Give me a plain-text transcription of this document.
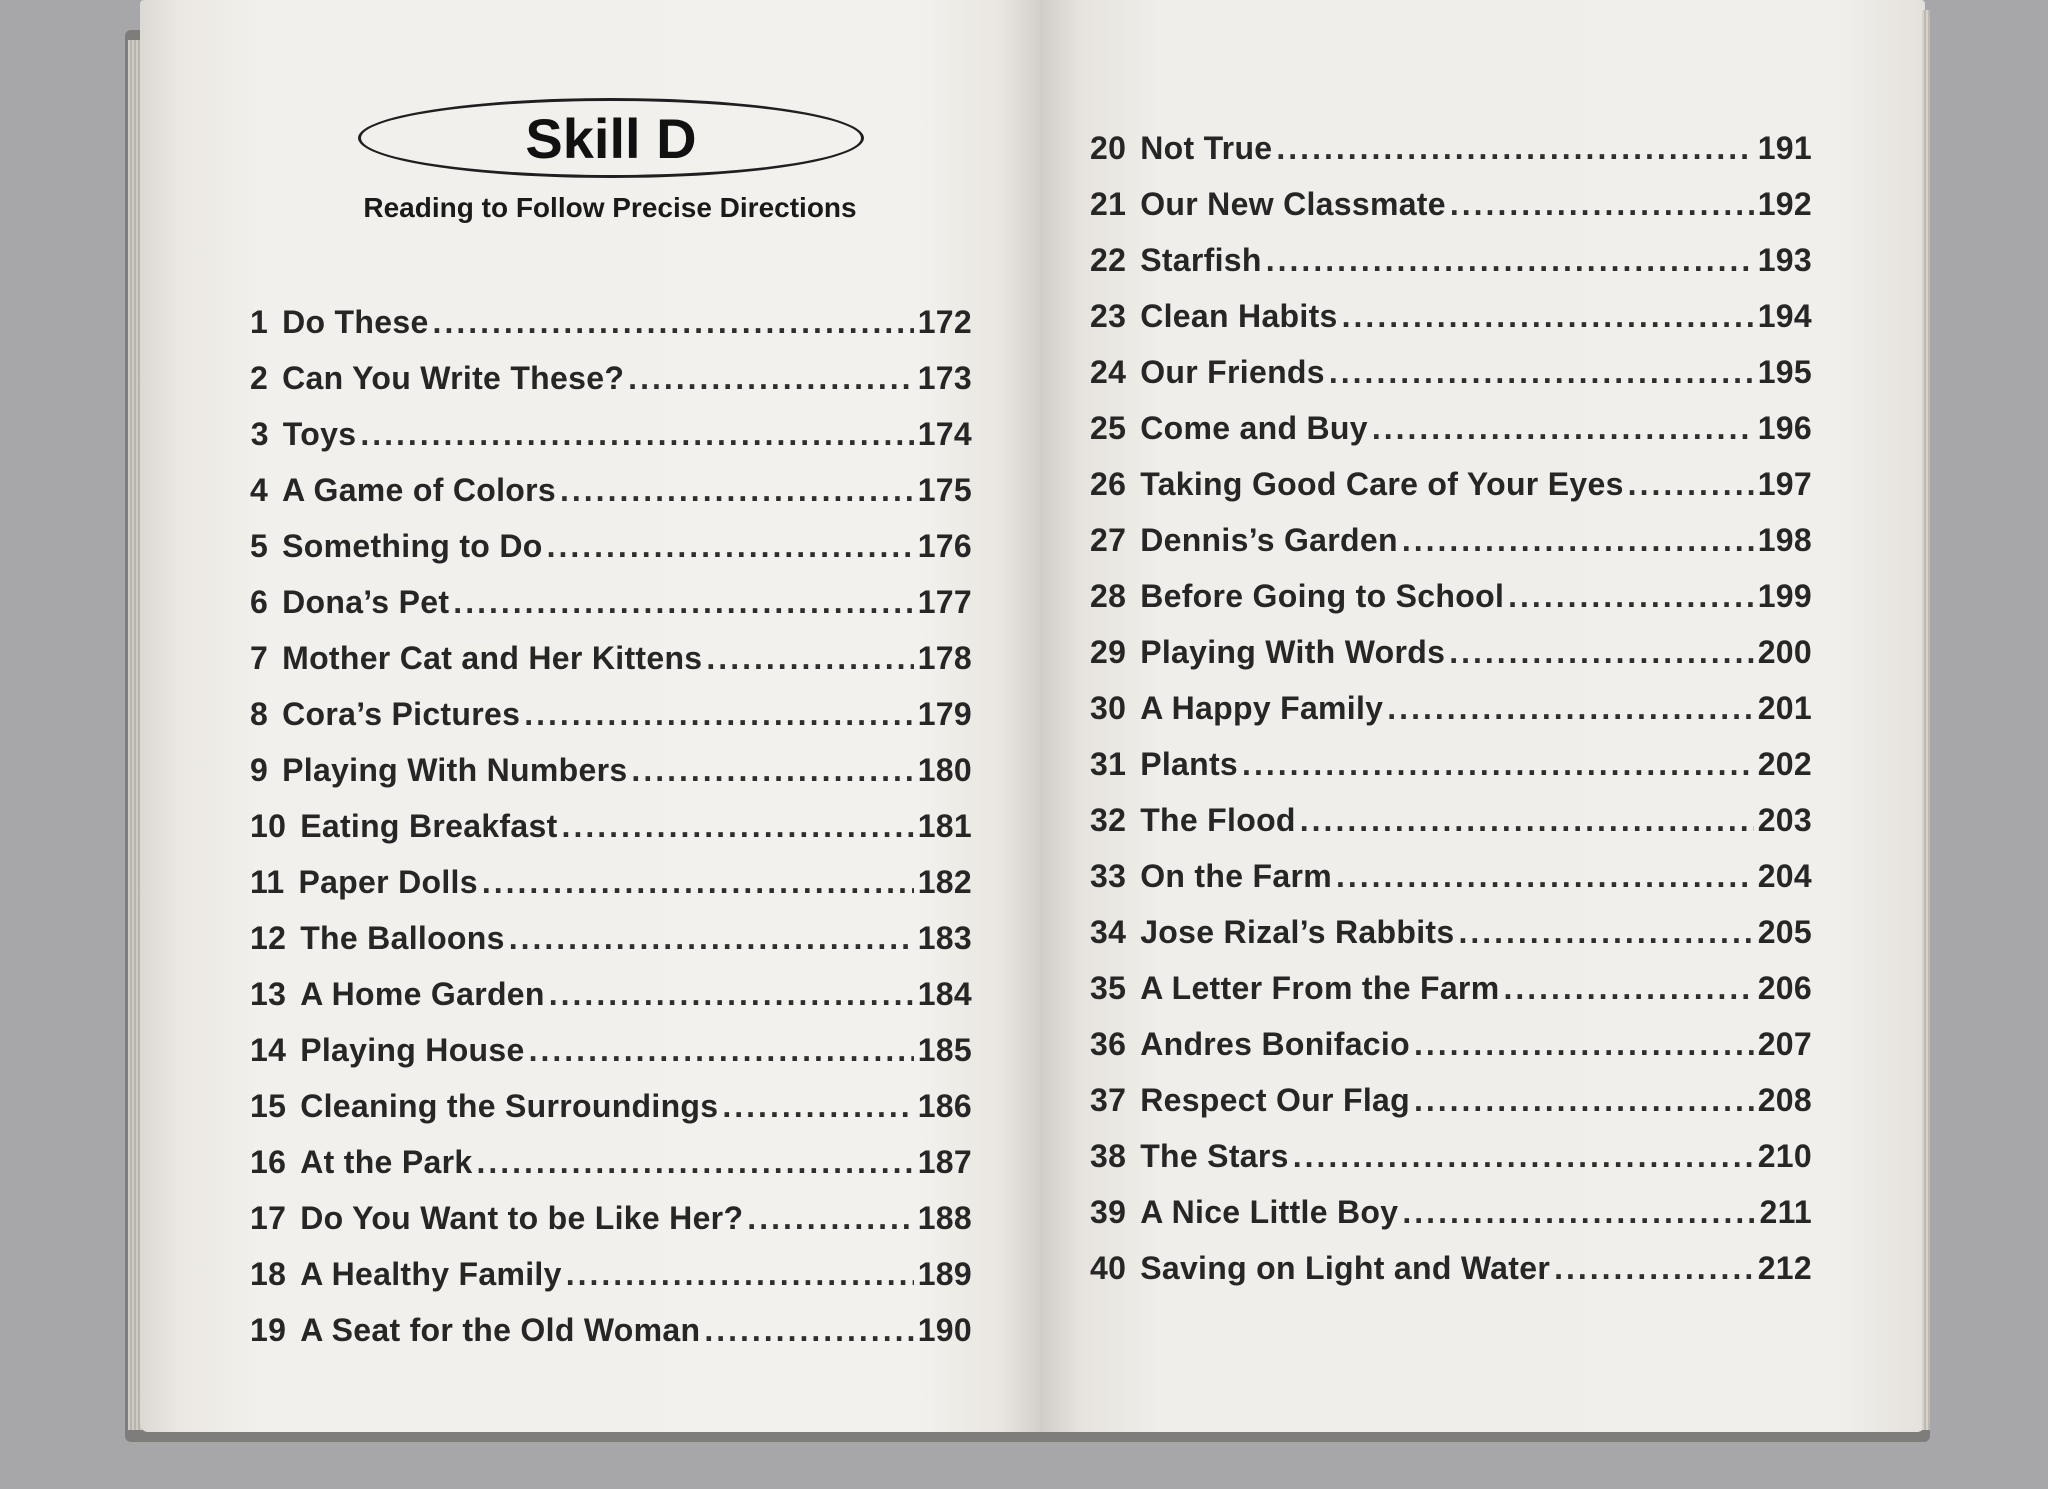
Skill D
Reading to Follow Precise Directions
1 Do These .....	172
2 Can You Write These? .....	173
3 Toys .....	174
4 A Game of Colors .....	175
5 Something to Do .....	176
6 Dona’s Pet .....	177
7 Mother Cat and Her Kittens .....	178
8 Cora’s Pictures .....	179
9 Playing With Numbers .....	180
10 Eating Breakfast .....	181
11 Paper Dolls .....	182
12 The Balloons .....	183
13 A Home Garden .....	184
14 Playing House .....	185
15 Cleaning the Surroundings .....	186
16 At the Park .....	187
17 Do You Want to be Like Her? .....	188
18 A Healthy Family .....	189
19 A Seat for the Old Woman .....	190
20 Not True .....	191
21 Our New Classmate .....	192
22 Starfish .....	193
23 Clean Habits .....	194
24 Our Friends .....	195
25 Come and Buy .....	196
26 Taking Good Care of Your Eyes .....	197
27 Dennis’s Garden .....	198
28 Before Going to School .....	199
29 Playing With Words .....	200
30 A Happy Family .....	201
31 Plants .....	202
32 The Flood .....	203
33 On the Farm .....	204
34 Jose Rizal’s Rabbits .....	205
35 A Letter From the Farm .....	206
36 Andres Bonifacio .....	207
37 Respect Our Flag .....	208
38 The Stars .....	210
39 A Nice Little Boy .....	211
40 Saving on Light and Water .....	212
